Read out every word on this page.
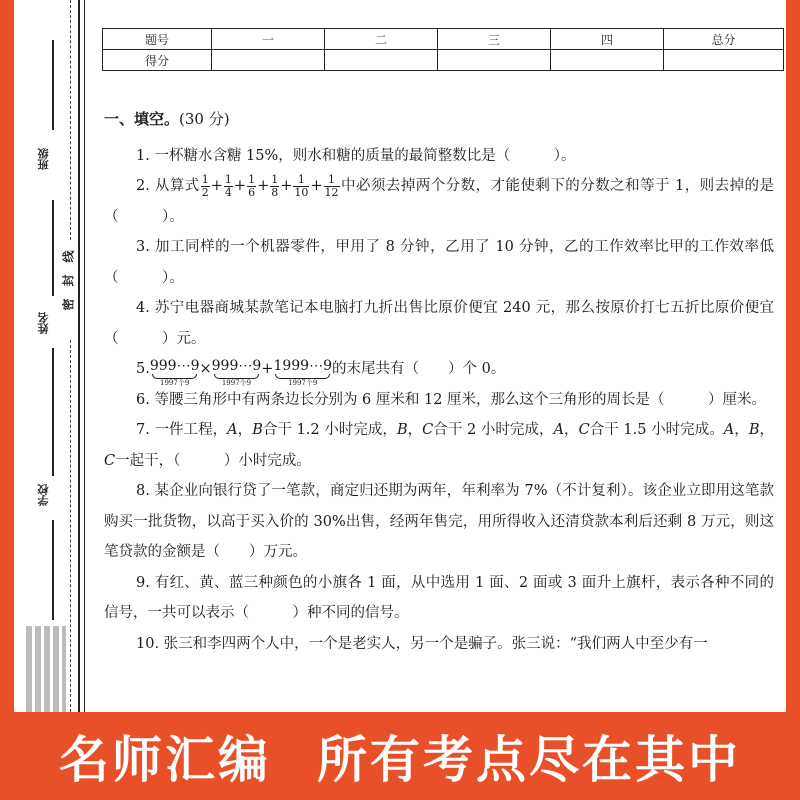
班级
姓名
学校
线
封
密
题号	一	二	三	四	总分
得分					
一、填空。(30 分)

1. 一杯糖水含糖 15%，则水和糖的质量的最简整数比是（　　　）。

2. 从算式 $\frac{1}{2} + \frac{1}{4} + \frac{1}{6} + \frac{1}{8} + \frac{1}{10} + \frac{1}{12}$ 中必须去掉两个分数，才能使剩下的分数之和等于 1，则去掉的是（　　　）。

3. 加工同样的一个机器零件，甲用了 8 分钟，乙用了 10 分钟，乙的工作效率比甲的工作效率低（　　　）。

4. 苏宁电器商城某款笔记本电脑打九折出售比原价便宜 240 元，那么按原价打七五折比原价便宜（　　　）元。

5. 999⋯9
1997个9
× 999⋯9
1997个9
+ 1999⋯9
1997个9
的末尾共有（　　）个 0。

6. 等腰三角形中有两条边长分别为 6 厘米和 12 厘米，那么这个三角形的周长是（　　　）厘米。

7. 一件工程，A，B合干 1.2 小时完成，B，C合干 2 小时完成，A，C合干 1.5 小时完成。A，B，C一起干，（　　　）小时完成。

8. 某企业向银行贷了一笔款，商定归还期为两年，年利率为 7%（不计复利）。该企业立即用这笔款购买一批货物，以高于买入价的 30%出售，经两年售完，用所得收入还清贷款本利后还剩 8 万元，则这笔贷款的金额是（　　）万元。

9. 有红、黄、蓝三种颜色的小旗各 1 面，从中选用 1 面、2 面或 3 面升上旗杆，表示各种不同的信号，一共可以表示（　　　）种不同的信号。

10. 张三和李四两个人中，一个是老实人，另一个是骗子。张三说：“我们两人中至少有一

名师汇编 所有考点尽在其中
